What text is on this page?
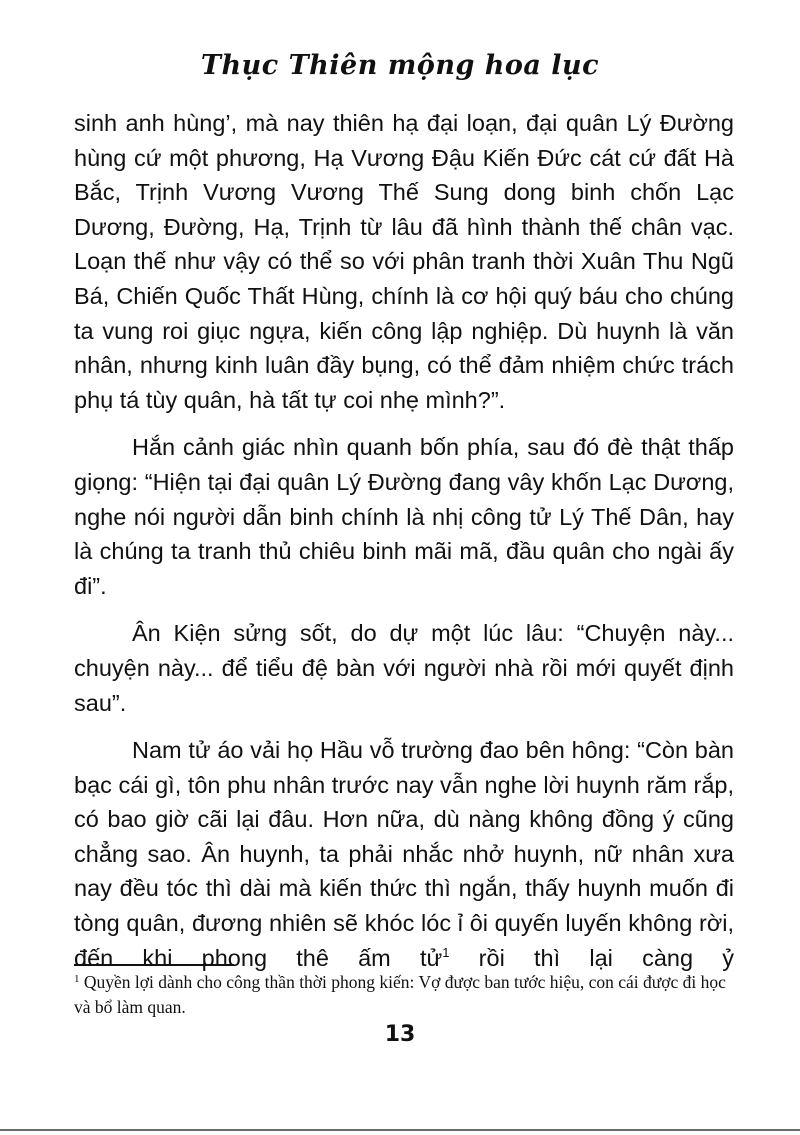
Thục Thiên mộng hoa lục

sinh anh hùng’, mà nay thiên hạ đại loạn, đại quân Lý Đường hùng cứ một phương, Hạ Vương Đậu Kiến Đức cát cứ đất Hà Bắc, Trịnh Vương Vương Thế Sung dong binh chốn Lạc Dương, Đường, Hạ, Trịnh từ lâu đã hình thành thế chân vạc. Loạn thế như vậy có thể so với phân tranh thời Xuân Thu Ngũ Bá, Chiến Quốc Thất Hùng, chính là cơ hội quý báu cho chúng ta vung roi giục ngựa, kiến công lập nghiệp. Dù huynh là văn nhân, nhưng kinh luân đầy bụng, có thể đảm nhiệm chức trách phụ tá tùy quân, hà tất tự coi nhẹ mình?”.

Hắn cảnh giác nhìn quanh bốn phía, sau đó đè thật thấp giọng: “Hiện tại đại quân Lý Đường đang vây khốn Lạc Dương, nghe nói người dẫn binh chính là nhị công tử Lý Thế Dân, hay là chúng ta tranh thủ chiêu binh mãi mã, đầu quân cho ngài ấy đi”.

Ân Kiện sửng sốt, do dự một lúc lâu: “Chuyện này... chuyện này... để tiểu đệ bàn với người nhà rồi mới quyết định sau”.

Nam tử áo vải họ Hầu vỗ trường đao bên hông: “Còn bàn bạc cái gì, tôn phu nhân trước nay vẫn nghe lời huynh răm rắp, có bao giờ cãi lại đâu. Hơn nữa, dù nàng không đồng ý cũng chẳng sao. Ân huynh, ta phải nhắc nhở huynh, nữ nhân xưa nay đều tóc thì dài mà kiến thức thì ngắn, thấy huynh muốn đi tòng quân, đương nhiên sẽ khóc lóc ỉ ôi quyến luyến không rời, đến khi phong thê ấm tử$^1$ rồi thì lại càng ỷ

$^1$ Quyền lợi dành cho công thần thời phong kiến: Vợ được ban tước hiệu, con cái được đi học và bổ làm quan.
13
